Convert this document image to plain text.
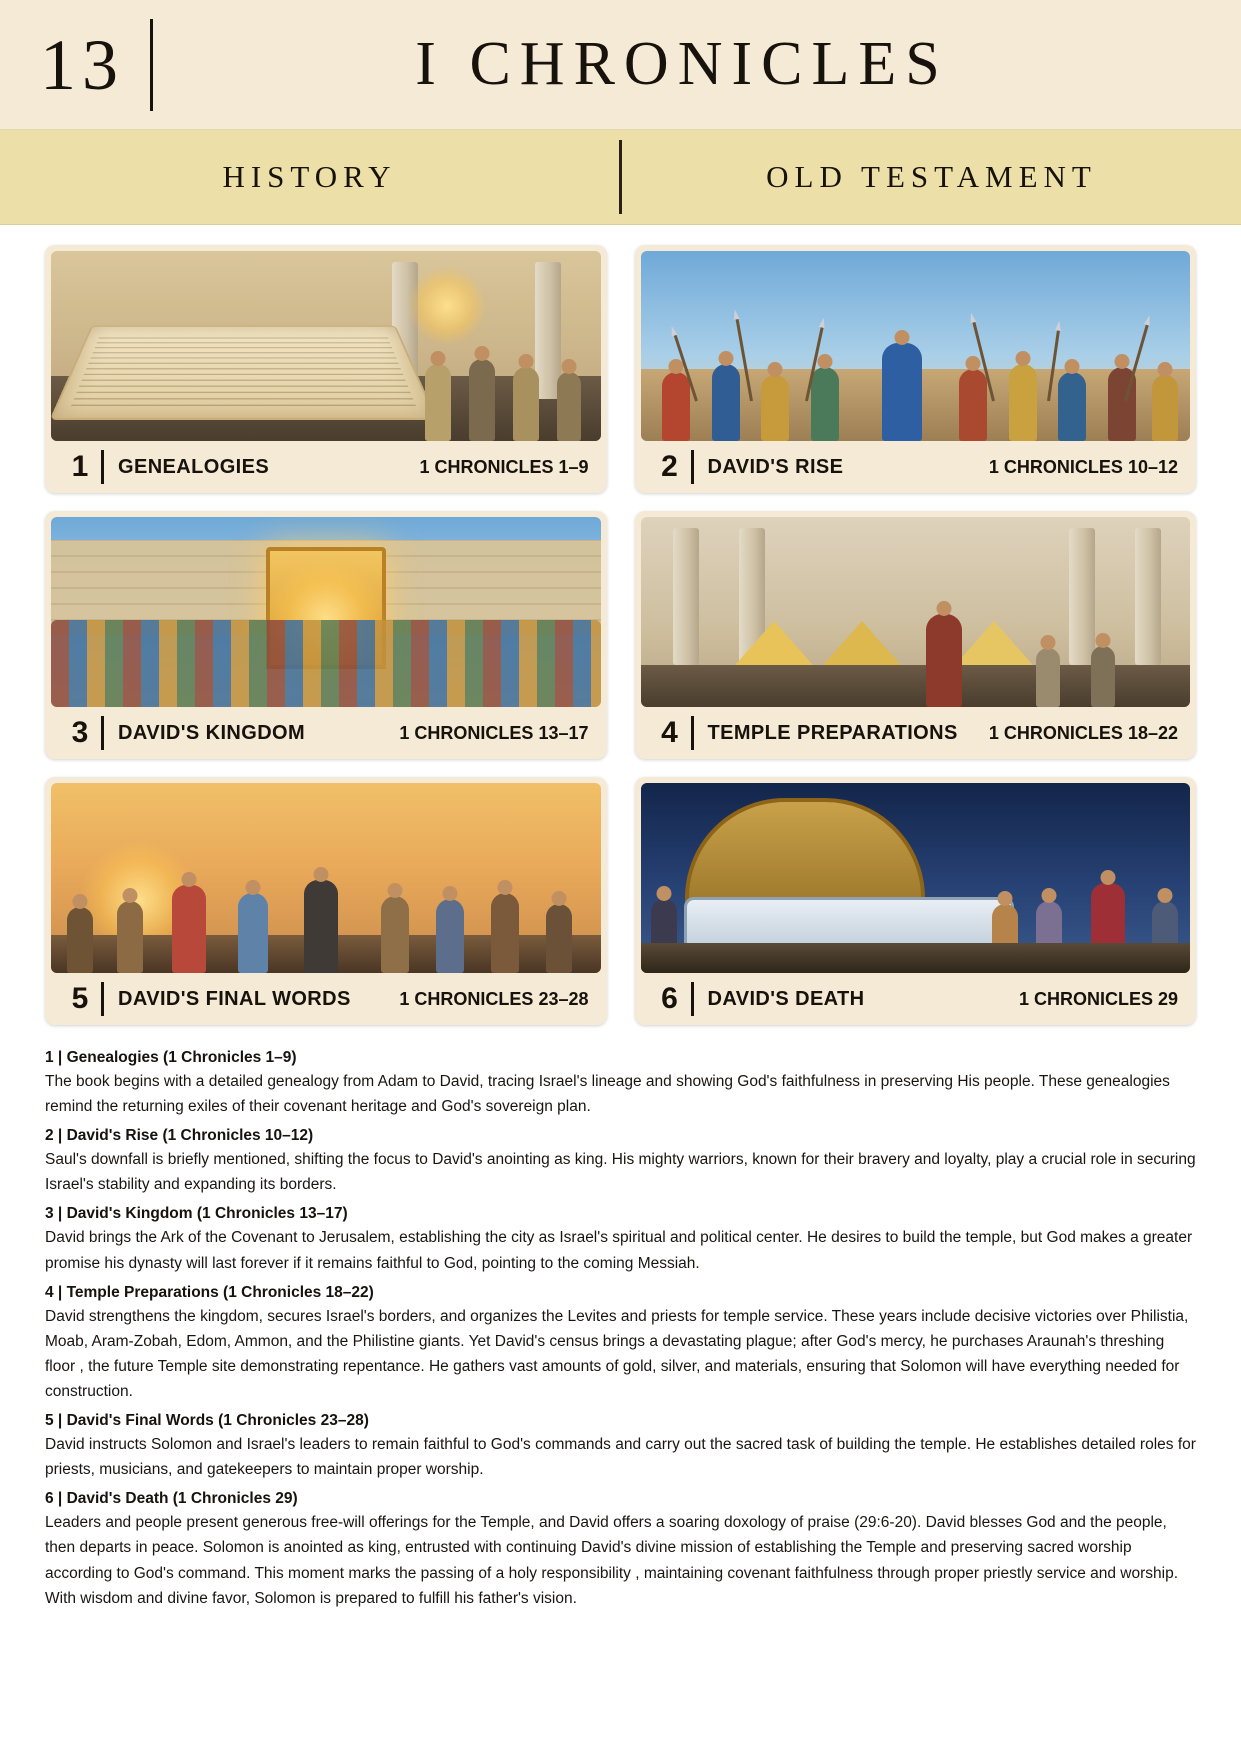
13	I CHRONICLES
HISTORY	OLD TESTAMENT
1	GENEALOGIES	1 CHRONICLES 1–9	2	DAVID'S RISE	1 CHRONICLES 10–12
3	DAVID'S KINGDOM	1 CHRONICLES 13–17	4	TEMPLE PREPARATIONS 1 CHRONICLES 18–22
5	DAVID'S FINAL WORDS	1 CHRONICLES 23–28	6	DAVID'S DEATH	1 CHRONICLES 29
1 | Genealogies (1 Chronicles 1–9)

The book begins with a detailed genealogy from Adam to David, tracing Israel's lineage and showing God's faithfulness in preserving His people. These genealogies remind the returning exiles of their covenant heritage and God's sovereign plan.

2 | David's Rise (1 Chronicles 10–12)

Saul's downfall is briefly mentioned, shifting the focus to David's anointing as king. His mighty warriors, known for their bravery and loyalty, play a crucial role in securing Israel's stability and expanding its borders.

3 | David's Kingdom (1 Chronicles 13–17)

David brings the Ark of the Covenant to Jerusalem, establishing the city as Israel's spiritual and political center. He desires to build the temple, but God makes a greater promise his dynasty will last forever if it remains faithful to God, pointing to the coming Messiah.

4 | Temple Preparations (1 Chronicles 18–22)

David strengthens the kingdom, secures Israel's borders, and organizes the Levites and priests for temple service. These years include decisive victories over Philistia, Moab, Aram-Zobah, Edom, Ammon, and the Philistine giants. Yet David's census brings a devastating plague; after God's mercy, he purchases Araunah's threshing floor , the future Temple site demonstrating repentance. He gathers vast amounts of gold, silver, and materials, ensuring that Solomon will have everything needed for construction.

5 | David's Final Words (1 Chronicles 23–28)

David instructs Solomon and Israel's leaders to remain faithful to God's commands and carry out the sacred task of building the temple. He establishes detailed roles for priests, musicians, and gatekeepers to maintain proper worship.

6 | David's Death (1 Chronicles 29)

Leaders and people present generous free-will offerings for the Temple, and David offers a soaring doxology of praise (29:6-20). David blesses God and the people, then departs in peace. Solomon is anointed as king, entrusted with continuing David's divine mission of establishing the Temple and preserving sacred worship according to God's command. This moment marks the passing of a holy responsibility , maintaining covenant faithfulness through proper priestly service and worship. With wisdom and divine favor, Solomon is prepared to fulfill his father's vision.
